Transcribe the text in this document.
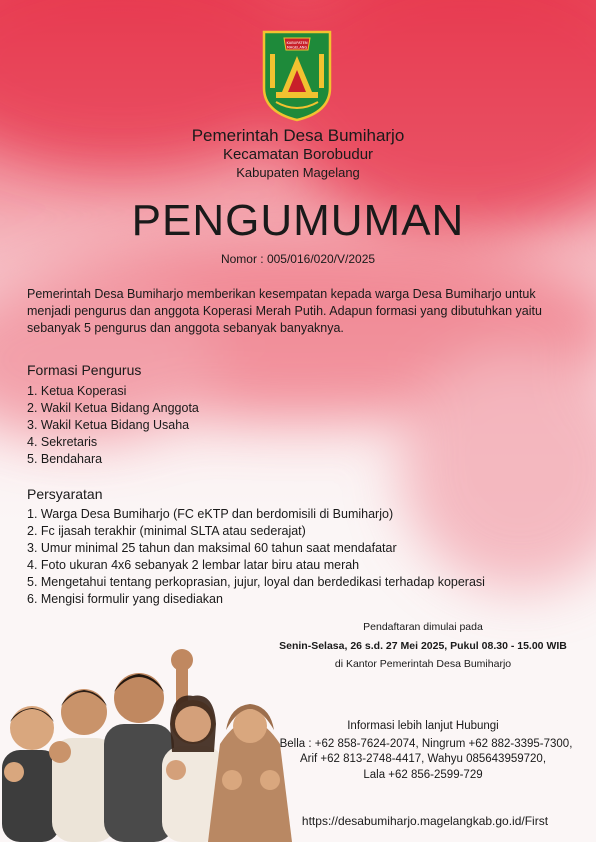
KABUPATEN
MAGELANG
Pemerintah Desa Bumiharjo
Kecamatan Borobudur
Kabupaten Magelang
PENGUMUMAN
Nomor : 005/016/020/V/2025
Pemerintah Desa Bumiharjo memberikan kesempatan kepada warga Desa Bumiharjo untuk menjadi pengurus dan anggota Koperasi Merah Putih. Adapun formasi yang dibutuhkan yaitu sebanyak 5 pengurus dan anggota sebanyak banyaknya.
Formasi Pengurus
1. Ketua Koperasi
2. Wakil Ketua Bidang Anggota
3. Wakil Ketua Bidang Usaha
4. Sekretaris
5. Bendahara
Persyaratan
1. Warga Desa Bumiharjo (FC eKTP dan berdomisili di Bumiharjo)
2. Fc ijasah terakhir (minimal SLTA atau sederajat)
3. Umur minimal 25 tahun dan maksimal 60 tahun saat mendafatar
4. Foto ukuran 4x6 sebanyak 2 lembar latar biru atau merah
5. Mengetahui tentang perkoprasian, jujur, loyal dan berdedikasi terhadap koperasi
6. Mengisi formulir yang disediakan
Pendaftaran dimulai pada
Senin-Selasa, 26 s.d. 27 Mei 2025, Pukul 08.30 - 15.00 WIB
di Kantor Pemerintah Desa Bumiharjo
Informasi lebih lanjut Hubungi
Bella : +62 858-7624-2074, Ningrum +62 882-3395-7300,
Arif +62 813-2748-4417, Wahyu 085643959720,
Lala +62 856-2599-729
https://desabumiharjo.magelangkab.go.id/First
